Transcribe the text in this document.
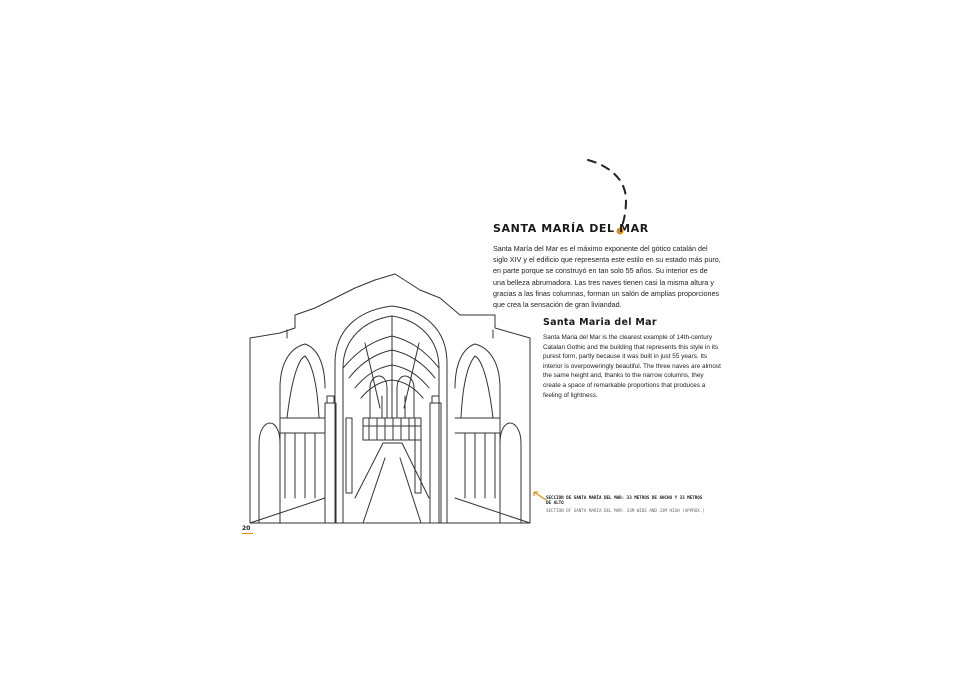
SANTA MARÍA DEL MAR
Santa María del Mar es el máximo exponente del gótico catalán del siglo XIV y el edificio que representa este estilo en su estado más puro, en parte porque se construyó en tan solo 55 años. Su interior es de una belleza abrumadora. Las tres naves tienen casi la misma altura y gracias a las finas columnas, forman un salón de amplias proporciones que crea la sensación de gran liviandad.
Santa Maria del Mar
Santa Maria del Mar is the clearest example of 14th-century Catalan Gothic and the building that represents this style in its purest form, partly because it was built in just 55 years. Its interior is overpoweringly beautiful. The three naves are almost the same height and, thanks to the narrow columns, they create a space of remarkable proportions that produces a feeling of lightness.
SECCIÓN DE SANTA MARÍA DEL MAR: 33 METROS DE ANCHO Y 33 METROS DE ALTO
SECTION OF SANTA MARIA DEL MAR: 33M WIDE AND 33M HIGH (APPROX.)
20
